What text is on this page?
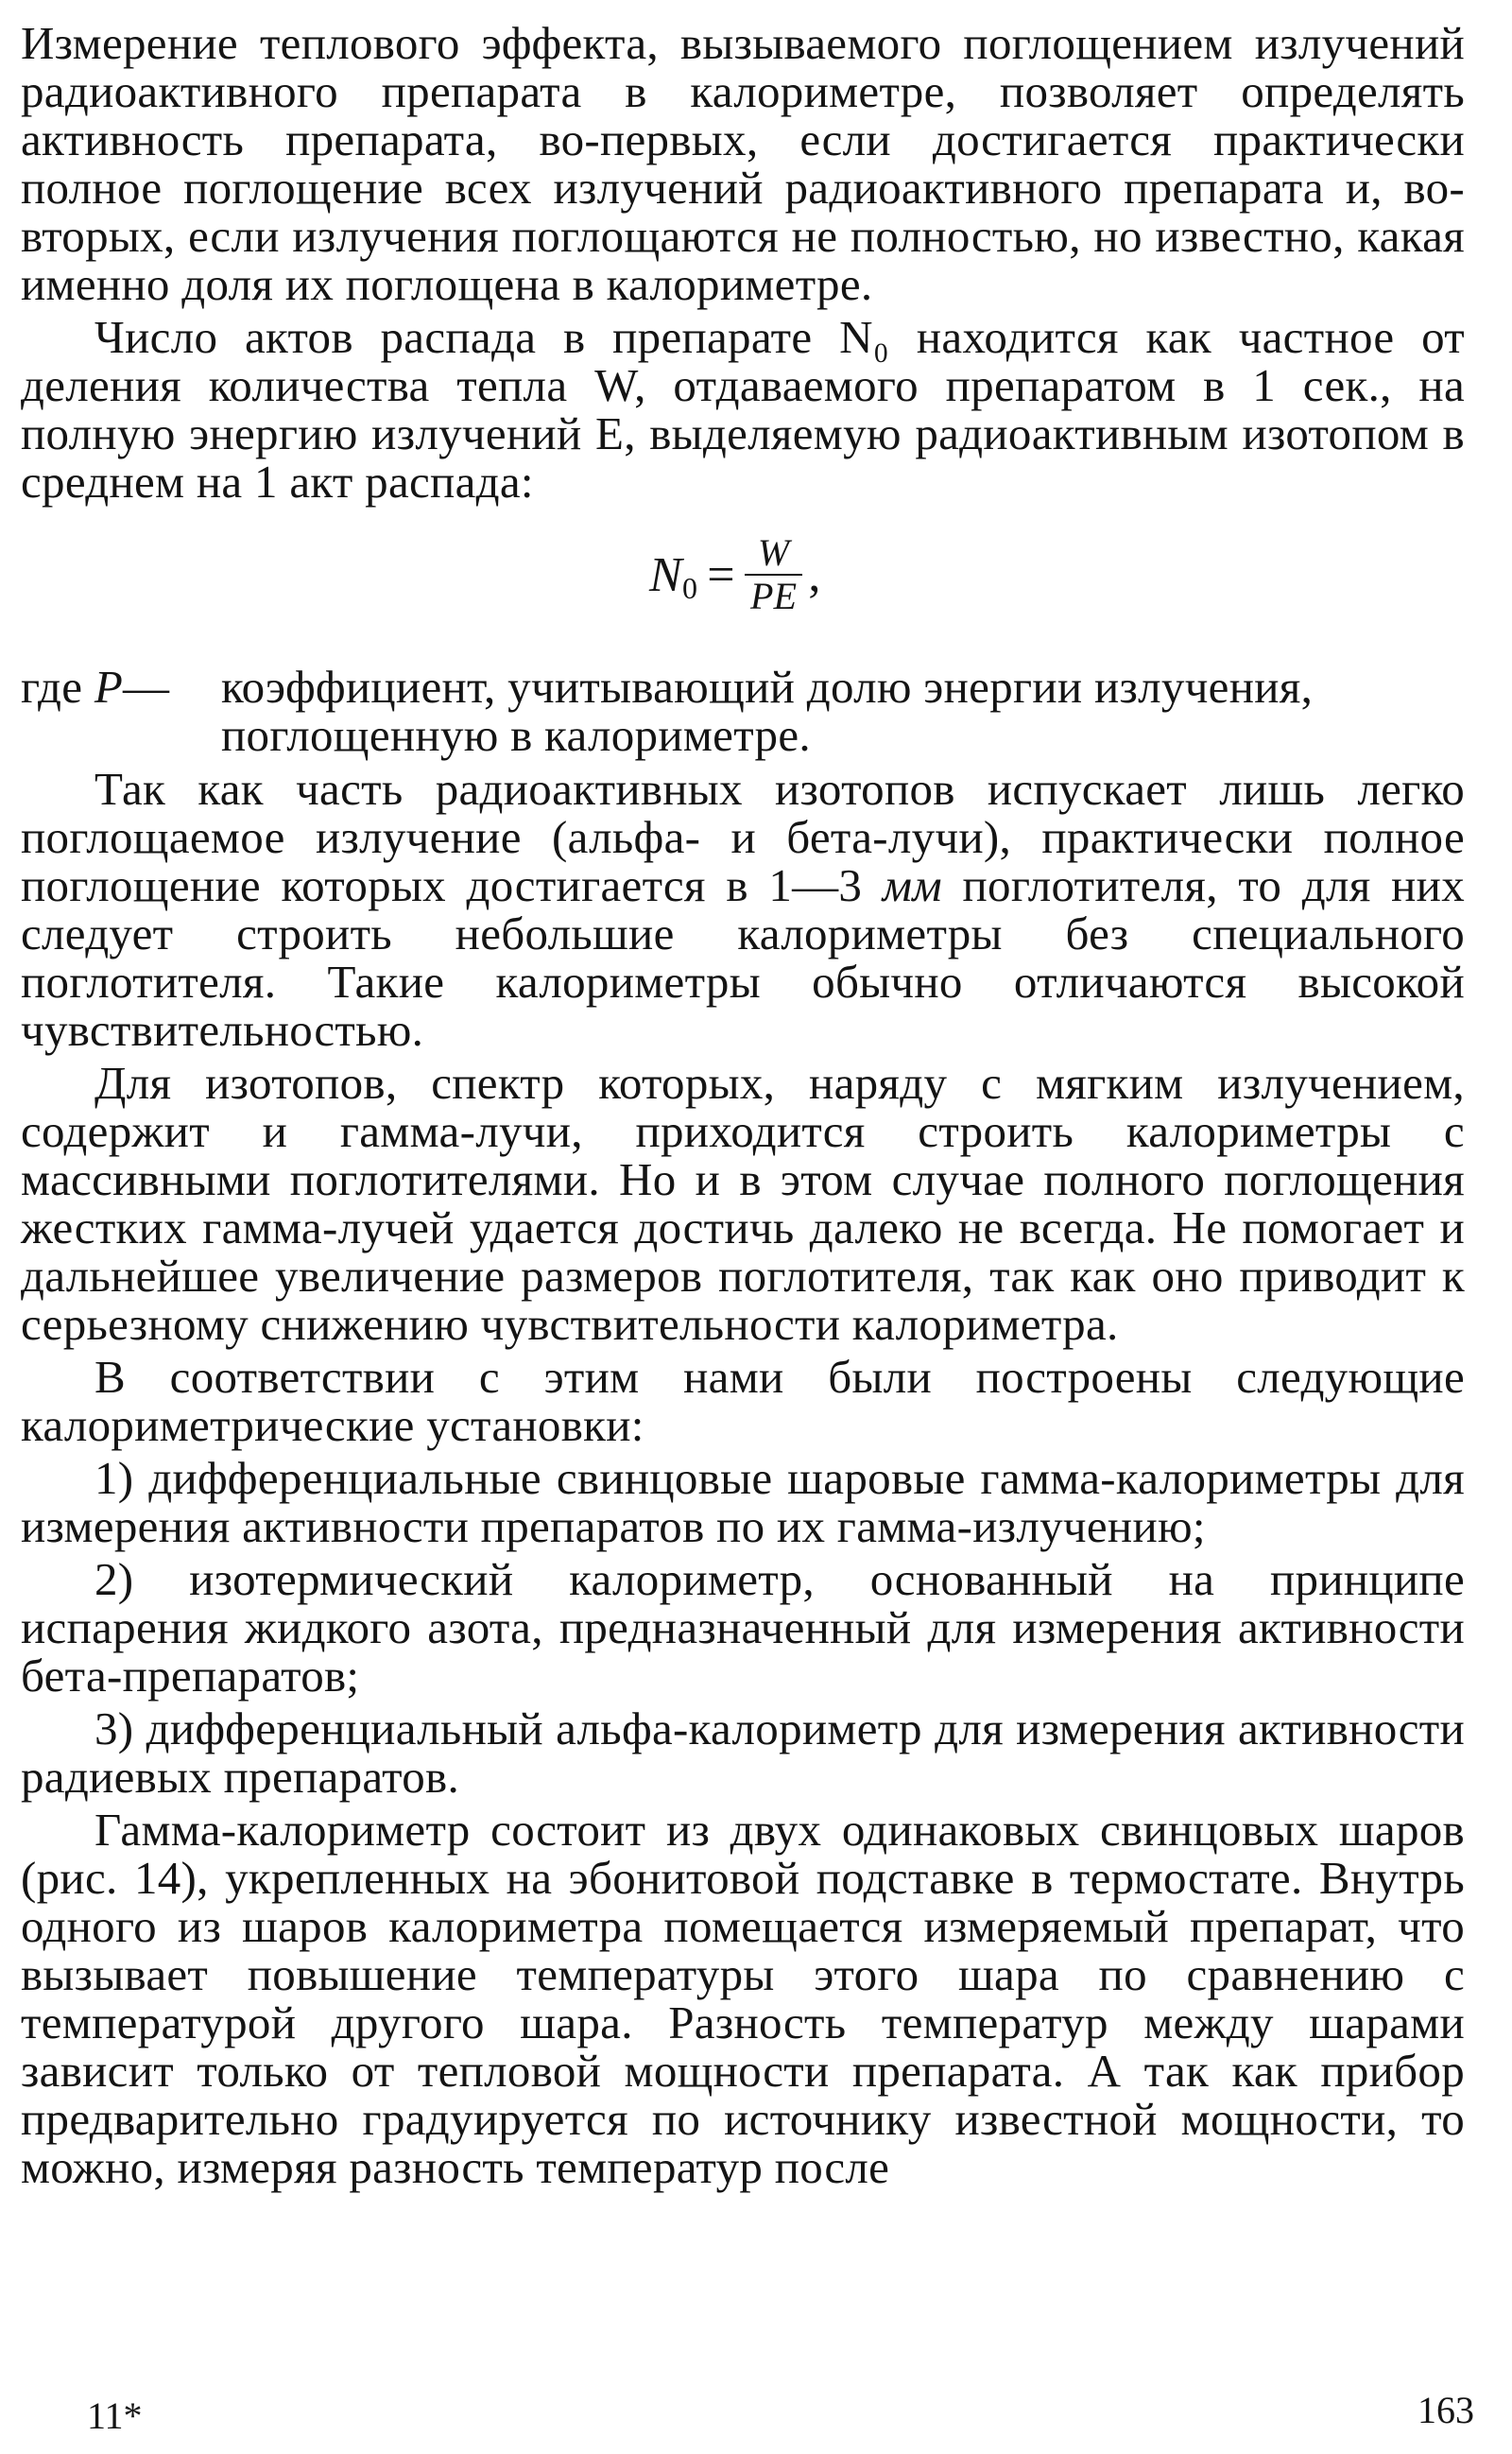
Измерение теплового эффекта, вызываемого поглощением излучений радиоактивного препарата в калориметре, позволяет определять активность препарата, во-первых, если достигается практически полное поглощение всех излучений радиоактивного препарата и, во-вторых, если излучения поглощаются не полностью, но известно, какая именно доля их поглощена в калориметре.

Число актов распада в препарате N₀ находится как частное от деления количества тепла W, отдаваемого препаратом в 1 сек., на полную энергию излучений E, выделяемую радиоактивным изотопом в среднем на 1 акт распада:

N $0 = \frac{W}{PE}$ ,
где P— коэффициент, учитывающий долю энергии излучения, поглощенную в калориметре.

Так как часть радиоактивных изотопов испускает лишь легко поглощаемое излучение (альфа- и бета-лучи), практически полное поглощение которых достигается в 1—3 мм поглотителя, то для них следует строить небольшие калориметры без специального поглотителя. Такие калориметры обычно отличаются высокой чувствительностью.

Для изотопов, спектр которых, наряду с мягким излучением, содержит и гамма-лучи, приходится строить калориметры с массивными поглотителями. Но и в этом случае полного поглощения жестких гамма-лучей удается достичь далеко не всегда. Не помогает и дальнейшее увеличение размеров поглотителя, так как оно приводит к серьезному снижению чувствительности калориметра.

В соответствии с этим нами были построены следующие калориметрические установки:

1) дифференциальные свинцовые шаровые гамма-калориметры для измерения активности препаратов по их гамма-излучению;

2) изотермический калориметр, основанный на принципе испарения жидкого азота, предназначенный для измерения активности бета-препаратов;

3) дифференциальный альфа-калориметр для измерения активности радиевых препаратов.

Гамма-калориметр состоит из двух одинаковых свинцовых шаров (рис. 14), укрепленных на эбонитовой подставке в термостате. Внутрь одного из шаров калориметра помещается измеряемый препарат, что вызывает повышение температуры этого шара по сравнению с температурой другого шара. Разность температур между шарами зависит только от тепловой мощности препарата. А так как прибор предварительно градуируется по источнику известной мощности, то можно, измеряя разность температур после

11*	163
